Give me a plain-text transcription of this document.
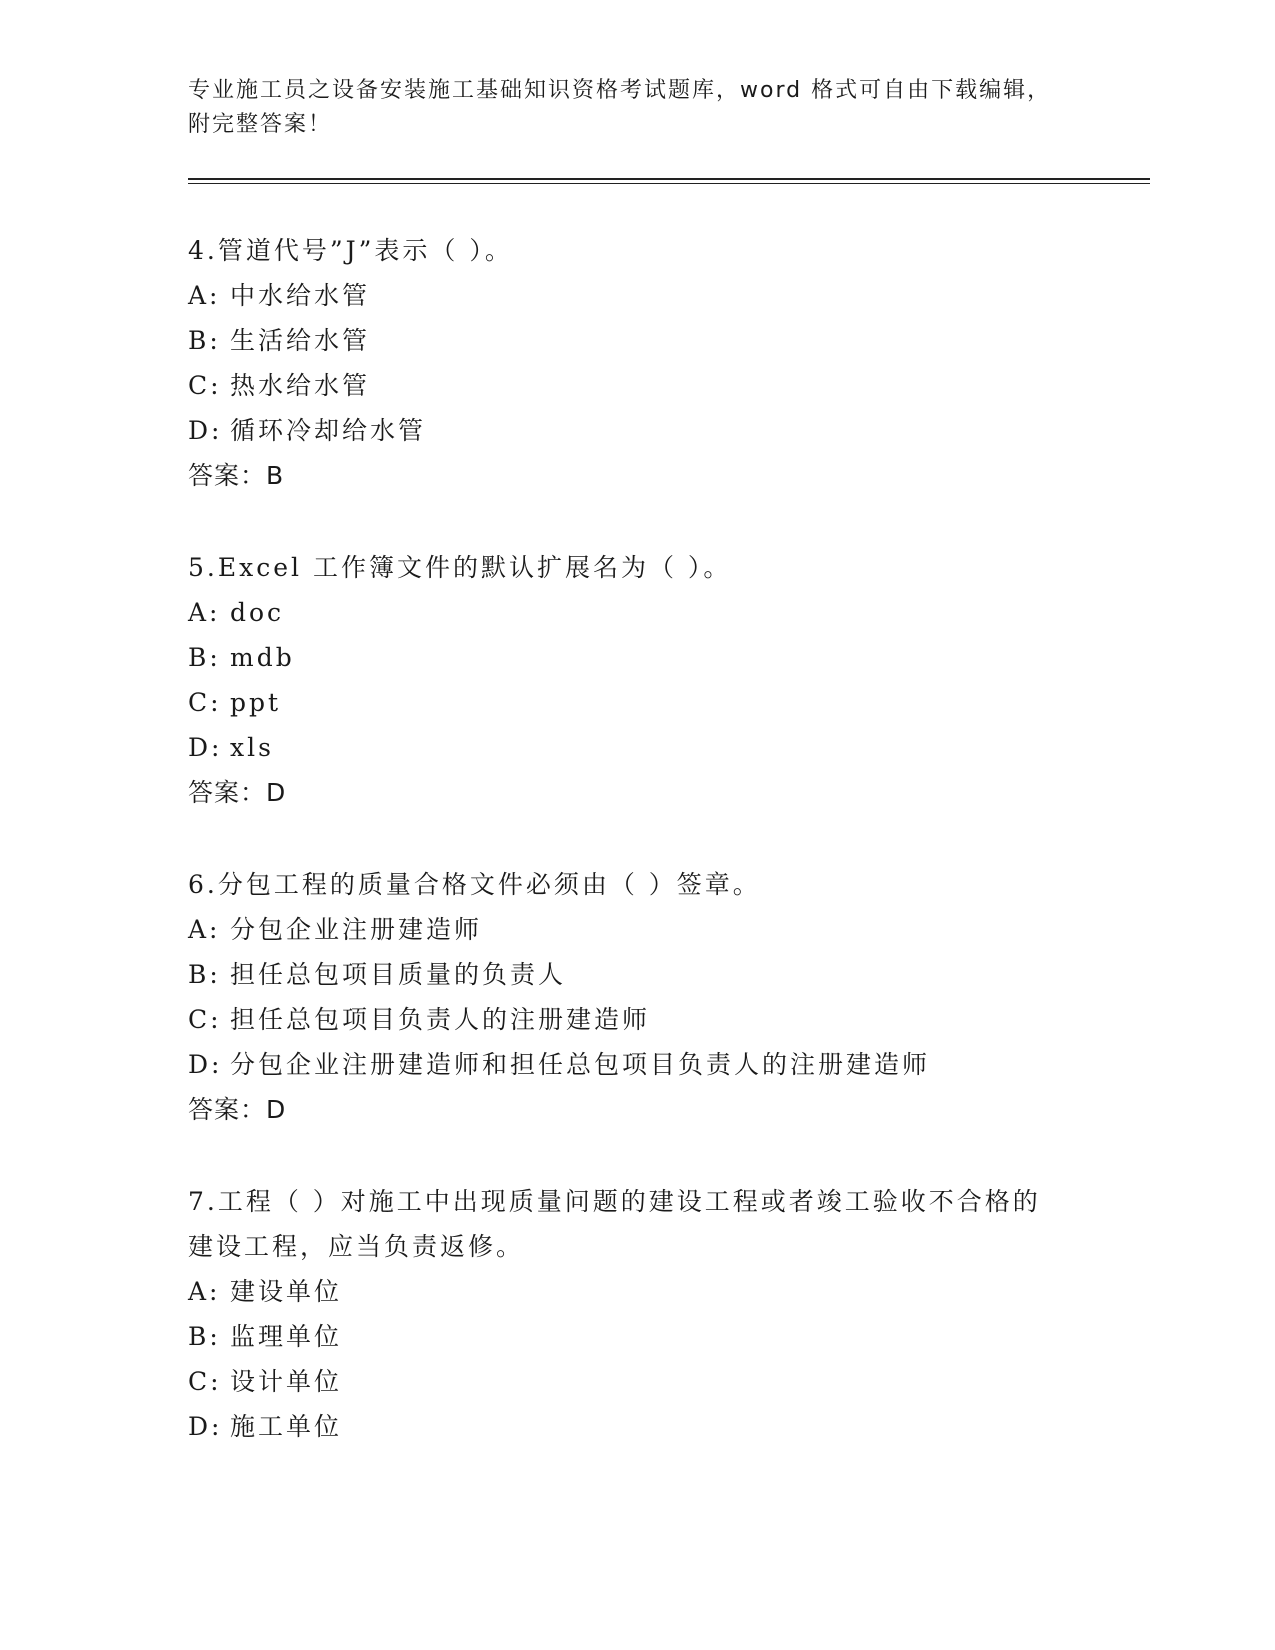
专业施工员之设备安装施工基础知识资格考试题库，word 格式可自由下载编辑，
附完整答案！

4.管道代号”J”表示（ ）。

A: 中水给水管

B: 生活给水管

C: 热水给水管

D: 循环冷却给水管

答案：B

5.Excel 工作簿文件的默认扩展名为（ ）。

A: doc

B: mdb

C: ppt

D: xls

答案：D

6.分包工程的质量合格文件必须由（ ）签章。

A: 分包企业注册建造师

B: 担任总包项目质量的负责人

C: 担任总包项目负责人的注册建造师

D: 分包企业注册建造师和担任总包项目负责人的注册建造师

答案：D

7.工程（ ）对施工中出现质量问题的建设工程或者竣工验收不合格的建设工程，应当负责返修。

A: 建设单位

B: 监理单位

C: 设计单位

D: 施工单位
